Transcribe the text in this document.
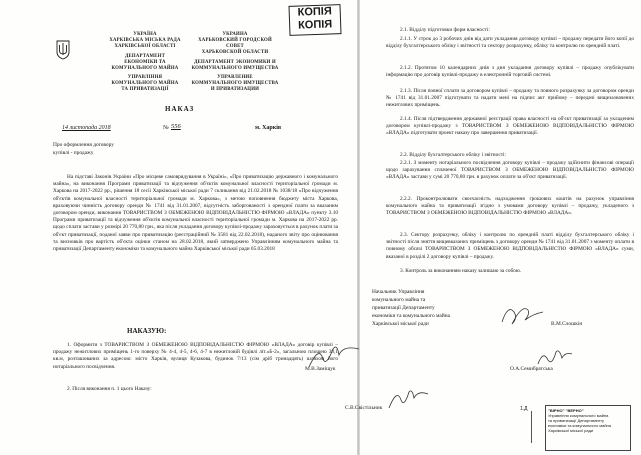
УКРАЇНА
ХАРКІВСЬКА МІСЬКА РАДА
ХАРКІВСЬКОЇ ОБЛАСТІ
ДЕПАРТАМЕНТ
ЕКОНОМІКИ ТА
КОМУНАЛЬНОГО МАЙНА
УПРАВЛІННЯ
КОМУНАЛЬНОГО МАЙНА
ТА ПРИВАТИЗАЦІЇ
УКРАИНА
ХАРЬКОВСКИЙ ГОРОДСКОЙ
СОВЕТ
ХАРЬКОВСКОЙ ОБЛАСТИ
ДЕПАРТАМЕНТ ЭКОНОМИКИ И
КОММУНАЛЬНОГО ИМУЩЕСТВА
УПРАВЛЕНИЕ
КОММУНАЛЬНОГО ИМУЩЕСТВА
И ПРИВАТИЗАЦИИ
КОПІЯ
КОПІЯ
НАКАЗ
14 листопада 2018	№ 556	м. Харків
Про оформлення договору
купівлі - продажу
На підставі Законів України «Про місцеве самоврядування в Україні», «Про приватизацію державного і комунального майна», на виконання Програми приватизації та відчуження об'єктів комунальної власності територіальної громади м. Харкова на 2017-2022 рр., рішення 18 сесії Харківської міської ради 7 скликання від 21.02.2018 № 1038/18 «Про відчуження об'єктів комунальної власності територіальної громади м. Харкова», з метою поповнення бюджету міста Харкова, враховуючи чинність договору оренди № 1741 від 31.01.2007, відсутність заборгованості з орендної плати за вказаним договором оренди, виконання ТОВАРИСТВОМ З ОБМЕЖЕНОЮ ВІДПОВІДАЛЬНІСТЮ ФІРМОЮ «ВЛАДА» пункту 3.10 Програми приватизації та відчуження об'єктів комунальної власності територіальної громади м. Харкова на 2017-2022 рр. щодо сплати застави у розмірі 20 770,80 грн., яка після укладання договору купівлі-продажу зараховується в рахунок плати за об'єкт приватизації, поданої заяви про приватизацію (реєстраційний № 3581 від 22.02.2018), наданого звіту про оцінювання та висновків про вартість об'єкта оцінки станом на 28.02.2018, який затверджено Управлінням комунального майна та приватизації Департаменту економіки та комунального майна Харківської міської ради 05.03.2018
НАКАЗУЮ:
1. Оформити з ТОВАРИСТВОМ З ОБМЕЖЕНОЮ ВІДПОВІДАЛЬНІСТЮ ФІРМОЮ «ВЛАДА» договір купівлі – продажу нежитлових приміщень 1-го поверху № 4-4, 4-5, 4-6, 4-7 в нежитловій будівлі літ.«Б-2», загальною площею 38,1 кв.м, розташованих за адресою: місто Харків, вулиця Кузакова, будинок 7/13 (сім дріб тринадцять) шляхом його нотаріального посвідчення.
2. Після виконання п. 1 цього Наказу:
2.1. Відділу підготовки форм власності:
2.1.1. У строк до 3 робочих днів від дати укладання договору купівлі – продажу передати його копії до відділу бухгалтерського обліку і звітності та сектору розрахунку, обліку та контролю по орендній платі.
2.1.2. Протягом 10 календарних днів з дня укладання договору купівлі – продажу опублікувати інформацію про договір купівлі-продажу в електронній торговій системі.
2.1.3. Після повної сплати за договором купівлі – продажу та повного розрахунку за договором оренди № 1741 від 31.01.2007 підготувати та надати мені на підпис акт прийому – передачі вищезазначених нежитлових приміщень.
2.1.4. Після підтвердження державної реєстрації права власності на об'єкт приватизації за укладеним договором купівлі-продажу з ТОВАРИСТВОМ З ОБМЕЖЕНОЮ ВІДПОВІДАЛЬНІСТЮ ФІРМОЮ «ВЛАДА» підготувати проект наказу про завершення приватизації.
2.2. Відділу бухгалтерського обліку і звітності:
2.2.1. З моменту нотаріального посвідчення договору купівлі – продажу здійснити фінансові операції щодо зарахування сплаченої ТОВАРИСТВОМ З ОБМЕЖЕНОЮ ВІДПОВІДАЛЬНІСТЮ ФІРМОЮ «ВЛАДА» застави у сумі 20 770,80 грн. в рахунок оплати за об'єкт приватизації.
2.2.2. Проконтролювати своєчасність надходження грошових коштів на рахунок управління комунального майна та приватизації згідно з умовами договору купівлі – продажу, укладеного з ТОВАРИСТВОМ З ОБМЕЖЕНОЮ ВІДПОВІДАЛЬНІСТЮ ФІРМОЮ «ВЛАДА».
2.3. Сектору розрахунку, обліку і контролю по орендній платі відділу бухгалтерського обліку і звітності після зняття вищевказаних приміщень з договору оренди № 1741 від 31.01.2007 з моменту оплати в повному обсязі ТОВАРИСТВОМ З ОБМЕЖЕНОЮ ВІДПОВІДАЛЬНІСТЮ ФІРМОЮ «ВЛАДА» суми, вказаної в розділі 2 договору купівлі – продажу.
3. Контроль за виконанням наказу залишаю за собою.
Начальник Управління
комунального майна та
приватизації Департаменту
економіки та комунального майна
Харківської міської ради	В.М.Слошкін
М.В.Заміщук	О.А.Семибратська
С.В.Свістільник	1.Д	"ВІРНО" "ВЕРНО"
Управління комунального майна
та приватизації Департаменту
економіки та комунального майна
Харківської міської ради
